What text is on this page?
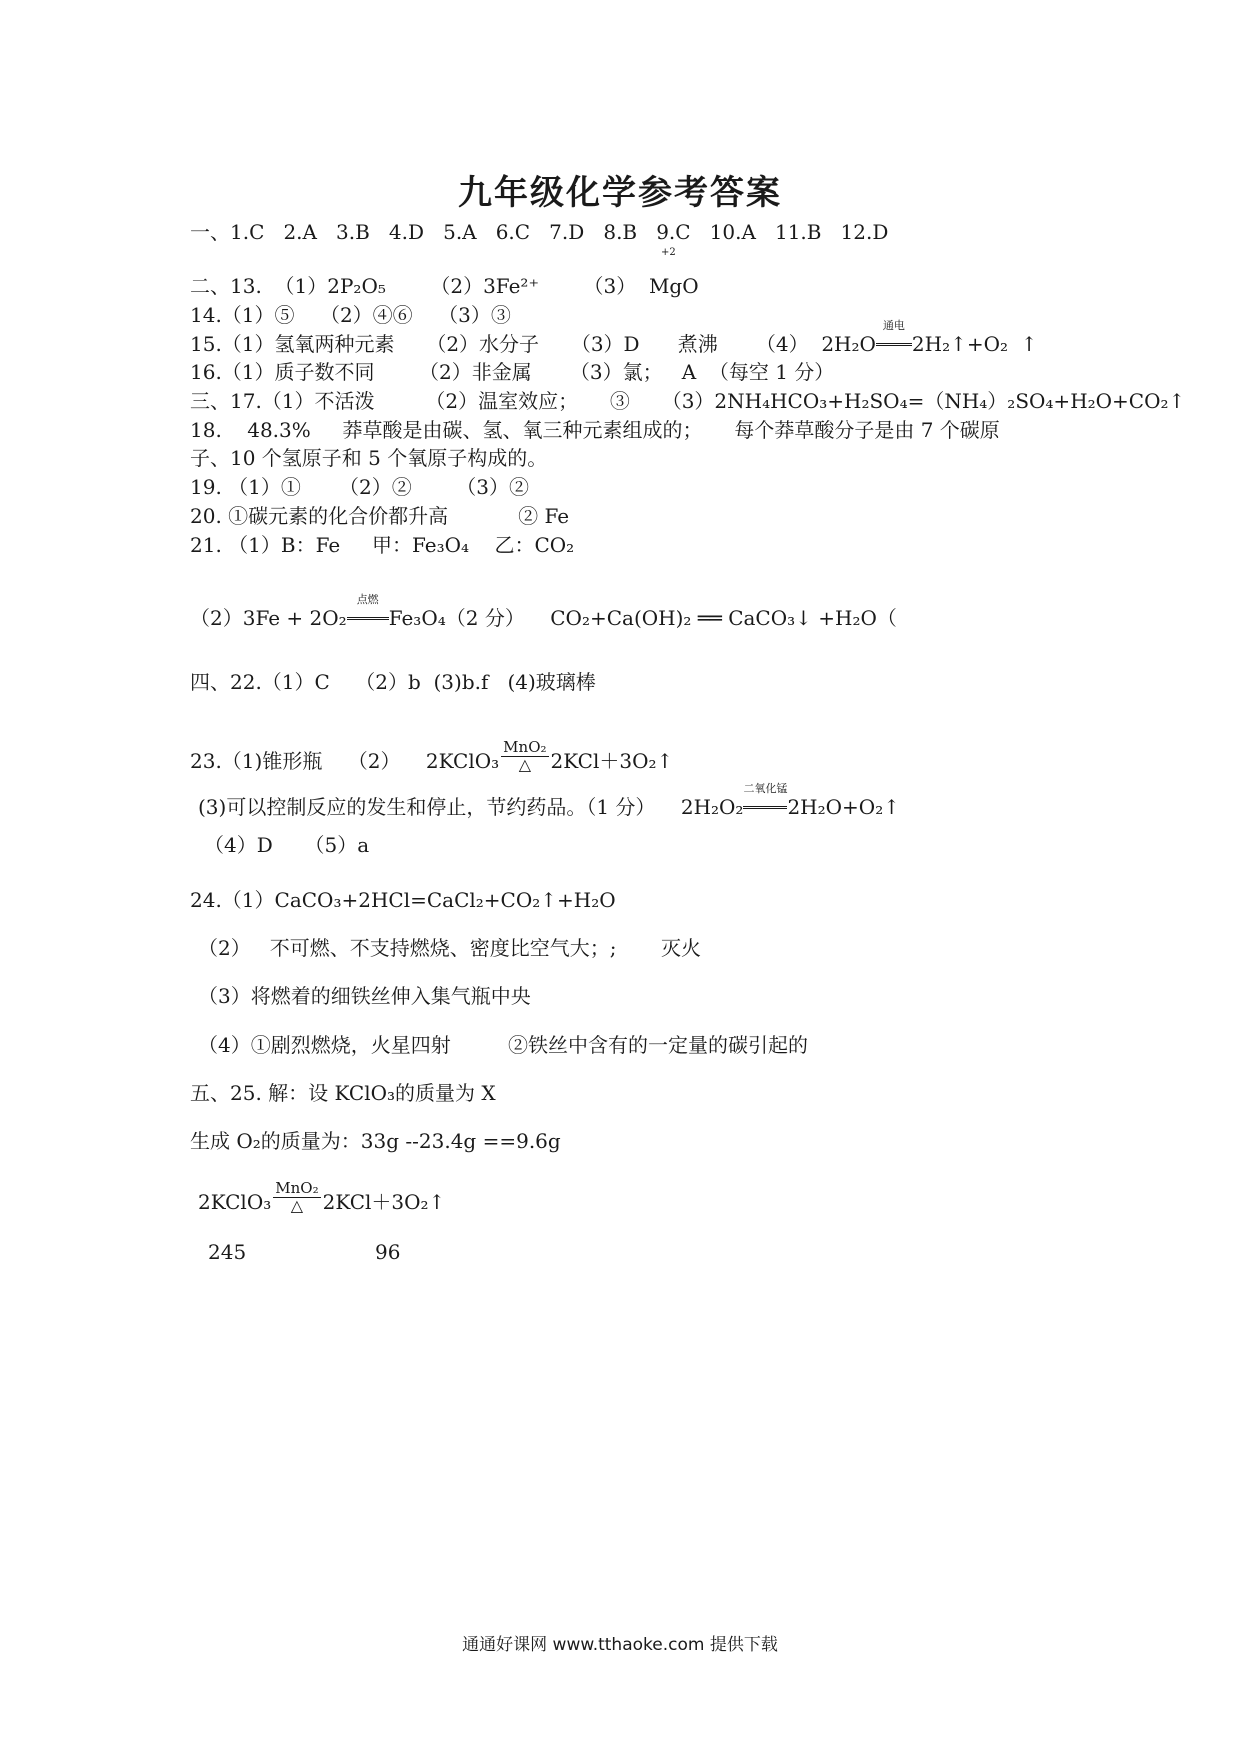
九年级化学参考答案
一、1.C   2.A   3.B   4.D   5.A   6.C   7.D   8.B   9.C   10.A   11.B   12.D
+2
二、13.  （1）2P₂O₅       （2）3Fe²⁺       （3）  MgO
14.（1）⑤    （2）④⑥    （3）③
15.（1）氢氧两种元素     （2）水分子     （3）D      煮沸      （4）  2H₂O
通电
2H₂↑+O₂  ↑
16.（1）质子数不同       （2）非金属      （3）氯；   A  （每空 1 分）
三、17.（1）不活泼        （2）温室效应；     ③     （3）2NH₄HCO₃+H₂SO₄=（NH₄）₂SO₄+H₂O+CO₂↑
18.    48.3%     莽草酸是由碳、氢、氧三种元素组成的；     每个莽草酸分子是由 7 个碳原
子、10 个氢原子和 5 个氧原子构成的。
19. （1）①      （2）②       （3）②
20. ①碳元素的化合价都升高           ② Fe
21. （1）B：Fe     甲：Fe₃O₄    乙：CO₂
（2）3Fe + 2O₂
点燃
Fe₃O₄（2 分）    CO₂+Ca(OH)₂ ══ CaCO₃↓ +H₂O（
四、22.（1）C    （2）b  (3)b.f   (4)玻璃棒
23.（1)锥形瓶    （2）    2KClO₃
MnO₂
△ 2KCl＋3O₂↑
(3)可以控制反应的发生和停止，节约药品。（1 分）    2H₂O₂
二氧化锰
2H₂O+O₂↑
（4）D     （5）a
24.（1）CaCO₃+2HCl=CaCl₂+CO₂↑+H₂O
（2）   不可燃、不支持燃烧、密度比空气大；;       灭火
（3）将燃着的细铁丝伸入集气瓶中央
（4）①剧烈燃烧，火星四射         ②铁丝中含有的一定量的碳引起的
五、25. 解：设 KClO₃的质量为 X
生成 O₂的质量为：33g --23.4g ==9.6g
2KClO₃
MnO₂
△ 2KCl＋3O₂↑
245	96
通通好课网 www.tthaoke.com 提供下载
